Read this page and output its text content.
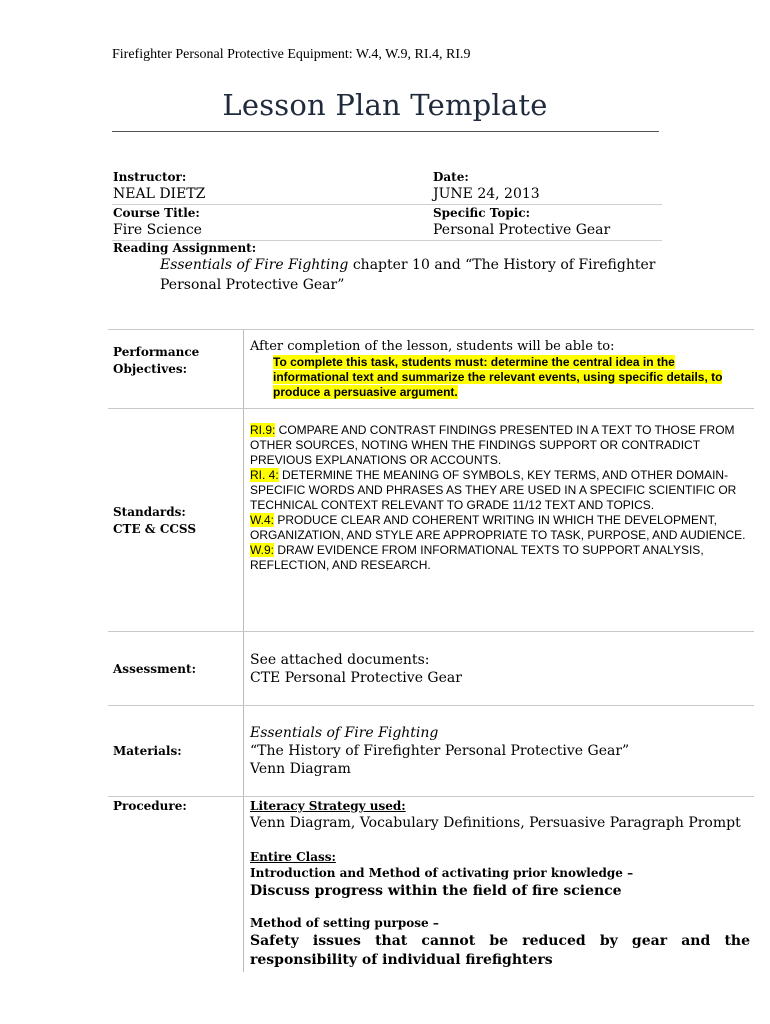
Firefighter Personal Protective Equipment: W.4, W.9, RI.4, RI.9
Lesson Plan Template
Instructor:
NEAL DIETZ
Date:
JUNE 24, 2013
Course Title:
Fire Science
Specific Topic:
Personal Protective Gear
Reading Assignment:
Essentials of Fire Fighting chapter 10 and “The History of Firefighter Personal Protective Gear”
Performance
Objectives:
After completion of the lesson, students will be able to:
To complete this task, students must: determine the central idea in the informational text and summarize the relevant events, using specific details, to produce a persuasive argument.
Standards:
CTE & CCSS

RI.9: COMPARE AND CONTRAST FINDINGS PRESENTED IN A TEXT TO THOSE FROM OTHER SOURCES, NOTING WHEN THE FINDINGS SUPPORT OR CONTRADICT PREVIOUS EXPLANATIONS OR ACCOUNTS.

RI. 4: DETERMINE THE MEANING OF SYMBOLS, KEY TERMS, AND OTHER DOMAIN-SPECIFIC WORDS AND PHRASES AS THEY ARE USED IN A SPECIFIC SCIENTIFIC OR TECHNICAL CONTEXT RELEVANT TO GRADE 11/12 TEXT AND TOPICS.

W.4: PRODUCE CLEAR AND COHERENT WRITING IN WHICH THE DEVELOPMENT, ORGANIZATION, AND STYLE ARE APPROPRIATE TO TASK, PURPOSE, AND AUDIENCE.

W.9: DRAW EVIDENCE FROM INFORMATIONAL TEXTS TO SUPPORT ANALYSIS, REFLECTION, AND RESEARCH.

Assessment:
See attached documents:
CTE Personal Protective Gear
Materials:
Essentials of Fire Fighting
“The History of Firefighter Personal Protective Gear”
Venn Diagram
Procedure:	Literacy Strategy used:
Venn Diagram, Vocabulary Definitions, Persuasive Paragraph Prompt
Entire Class:
Introduction and Method of activating prior knowledge –
Discuss progress within the field of fire science
Method of setting purpose –
Safety issues that cannot be reduced by gear and the responsibility of individual firefighters
